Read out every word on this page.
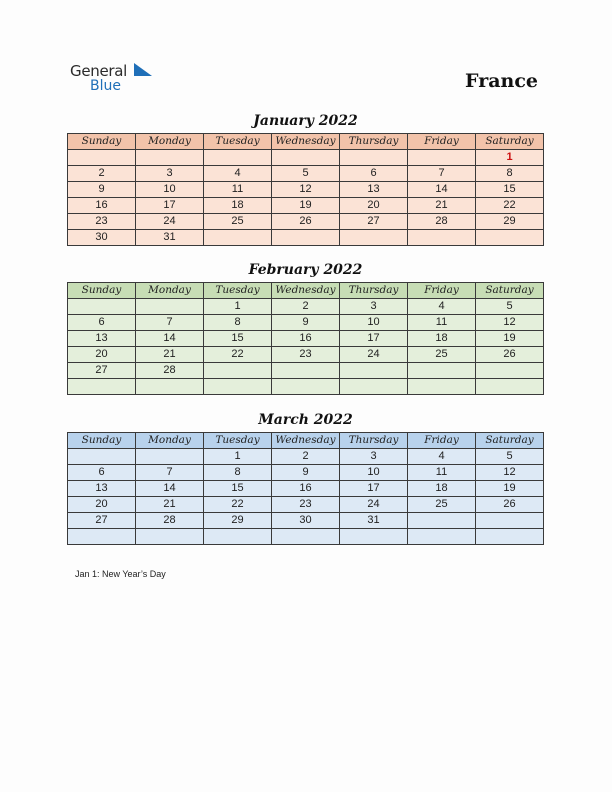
General
Blue	France
January 2022
Sunday	Monday	Tuesday	Wednesday	Thursday	Friday	Saturday
						1
2	3	4	5	6	7	8
9	10	11	12	13	14	15
16	17	18	19	20	21	22
23	24	25	26	27	28	29
30	31					
February 2022
Sunday	Monday	Tuesday	Wednesday	Thursday	Friday	Saturday
		1	2	3	4	5
6	7	8	9	10	11	12
13	14	15	16	17	18	19
20	21	22	23	24	25	26
27	28					

March 2022
Sunday	Monday	Tuesday	Wednesday	Thursday	Friday	Saturday
		1	2	3	4	5
6	7	8	9	10	11	12
13	14	15	16	17	18	19
20	21	22	23	24	25	26
27	28	29	30	31		

Jan 1: New Year’s Day
